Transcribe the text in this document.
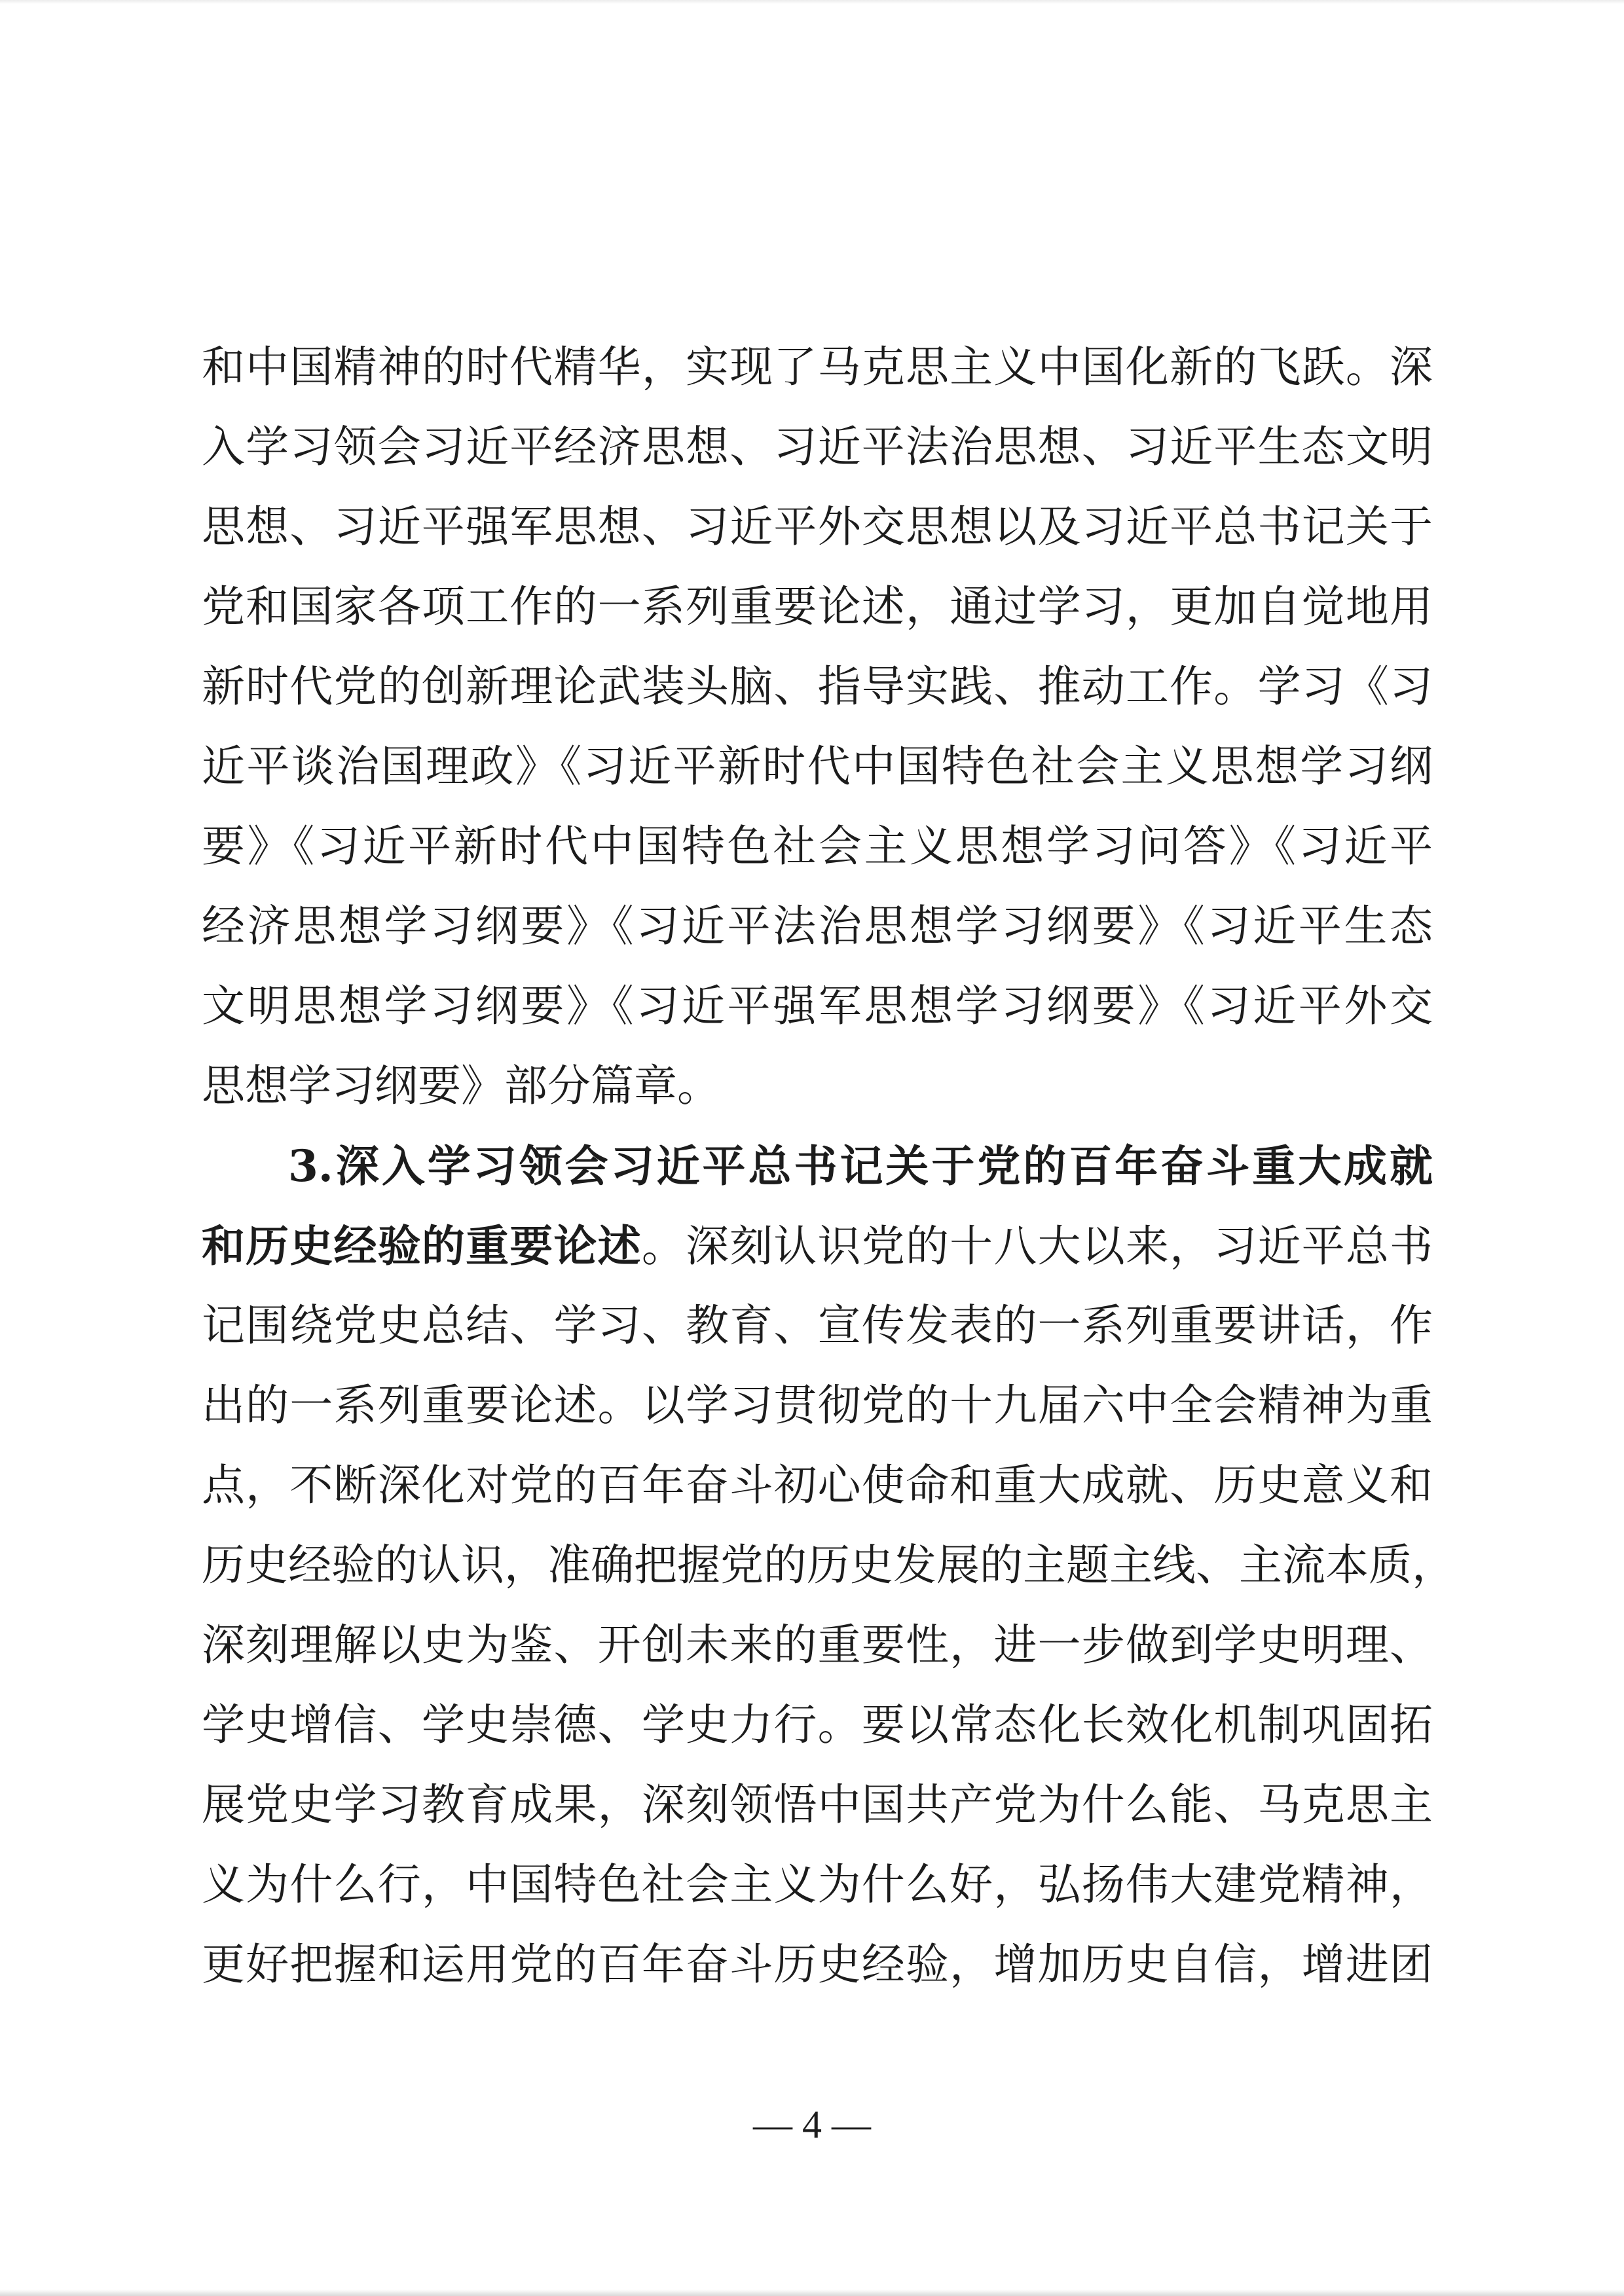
和中国精神的时代精华，实现了马克思主义中国化新的飞跃。深
入学习领会习近平经济思想、习近平法治思想、习近平生态文明
思想、习近平强军思想、习近平外交思想以及习近平总书记关于
党和国家各项工作的一系列重要论述，通过学习，更加自觉地用
新时代党的创新理论武装头脑、指导实践、推动工作。学习《习
近平谈治国理政》《习近平新时代中国特色社会主义思想学习纲
要》《习近平新时代中国特色社会主义思想学习问答》《习近平
经济思想学习纲要》《习近平法治思想学习纲要》《习近平生态
文明思想学习纲要》《习近平强军思想学习纲要》《习近平外交
思想学习纲要》部分篇章。
3.深入学习领会习近平总书记关于党的百年奋斗重大成就
和历史经验的重要论述。深刻认识党的十八大以来，习近平总书
记围绕党史总结、学习、教育、宣传发表的一系列重要讲话，作
出的一系列重要论述。以学习贯彻党的十九届六中全会精神为重
点，不断深化对党的百年奋斗初心使命和重大成就、历史意义和
历史经验的认识，准确把握党的历史发展的主题主线、主流本质，
深刻理解以史为鉴、开创未来的重要性，进一步做到学史明理、
学史增信、学史崇德、学史力行。要以常态化长效化机制巩固拓
展党史学习教育成果，深刻领悟中国共产党为什么能、马克思主
义为什么行，中国特色社会主义为什么好，弘扬伟大建党精神，
更好把握和运用党的百年奋斗历史经验，增加历史自信，增进团
— 4 —
